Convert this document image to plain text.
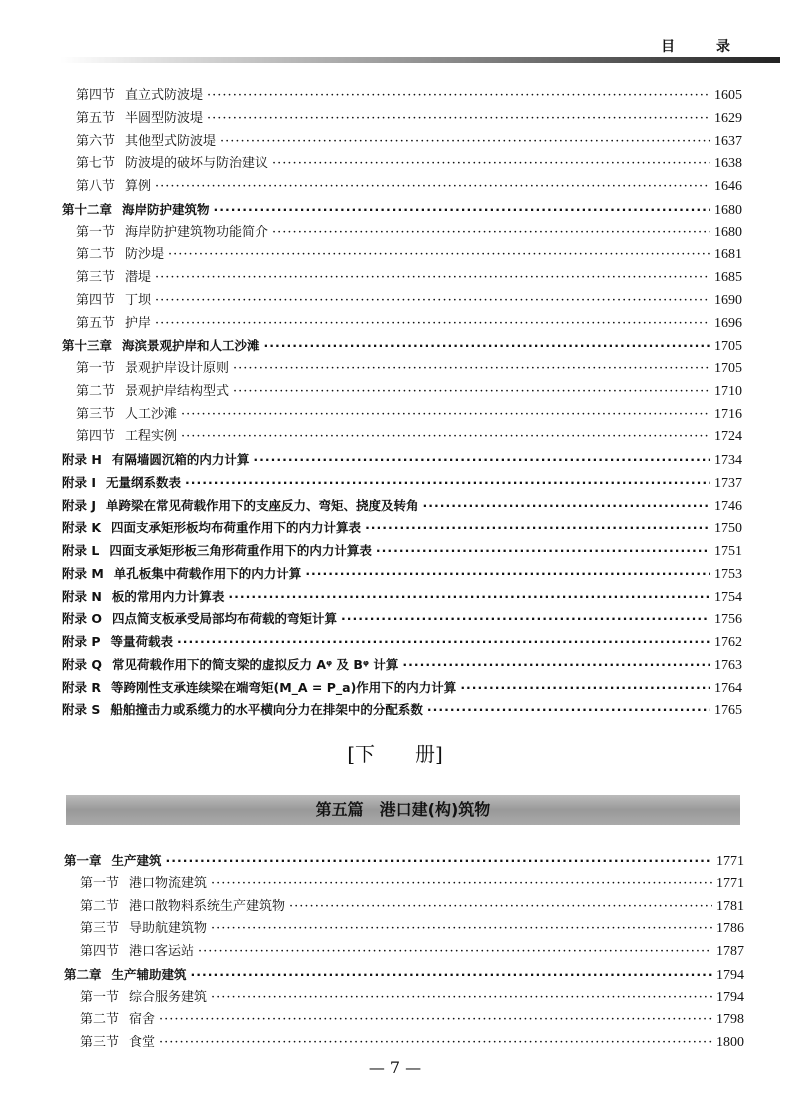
目 录
第四节 直立式防波堤 ·····	1605
第五节 半圆型防波堤 ·····	1629
第六节 其他型式防波堤 ·····	1637
第七节 防波堤的破坏与防治建议 ·····	1638
第八节 算例 ·····	1646
第十二章 海岸防护建筑物 ·····	1680
第一节 海岸防护建筑物功能简介 ·····	1680
第二节 防沙堤 ·····	1681
第三节 潜堤 ·····	1685
第四节 丁坝 ·····	1690
第五节 护岸 ·····	1696
第十三章 海滨景观护岸和人工沙滩 ·····	1705
第一节 景观护岸设计原则 ·····	1705
第二节 景观护岸结构型式 ·····	1710
第三节 人工沙滩 ·····	1716
第四节 工程实例 ·····	1724
附录 H 有隔墙圆沉箱的内力计算 ·····	1734
附录 I 无量纲系数表 ·····	1737
附录 J 单跨梁在常见荷载作用下的支座反力、弯矩、挠度及转角 ·····	1746
附录 K 四面支承矩形板均布荷重作用下的内力计算表 ·····	1750
附录 L 四面支承矩形板三角形荷重作用下的内力计算表 ·····	1751
附录 M 单孔板集中荷载作用下的内力计算 ·····	1753
附录 N 板的常用内力计算表 ·····	1754
附录 O 四点简支板承受局部均布荷载的弯矩计算 ·····	1756
附录 P 等量荷载表 ·····	1762
附录 Q 常见荷载作用下的简支梁的虚拟反力 Aᵠ 及 Bᵠ 计算 ·····	1763
附录 R 等跨刚性支承连续梁在端弯矩(M_A = P_a)作用下的内力计算 ·····	1764
附录 S 船舶撞击力或系缆力的水平横向分力在排架中的分配系数 ·····	1765
[下　　册]
第五篇　港口建(构)筑物
第一章 生产建筑 ·····	1771
第一节 港口物流建筑 ·····	1771
第二节 港口散物料系统生产建筑物 ·····	1781
第三节 导助航建筑物 ·····	1786
第四节 港口客运站 ·····	1787
第二章 生产辅助建筑 ·····	1794
第一节 综合服务建筑 ·····	1794
第二节 宿舍 ·····	1798
第三节 食堂 ·····	1800
— 7 —
